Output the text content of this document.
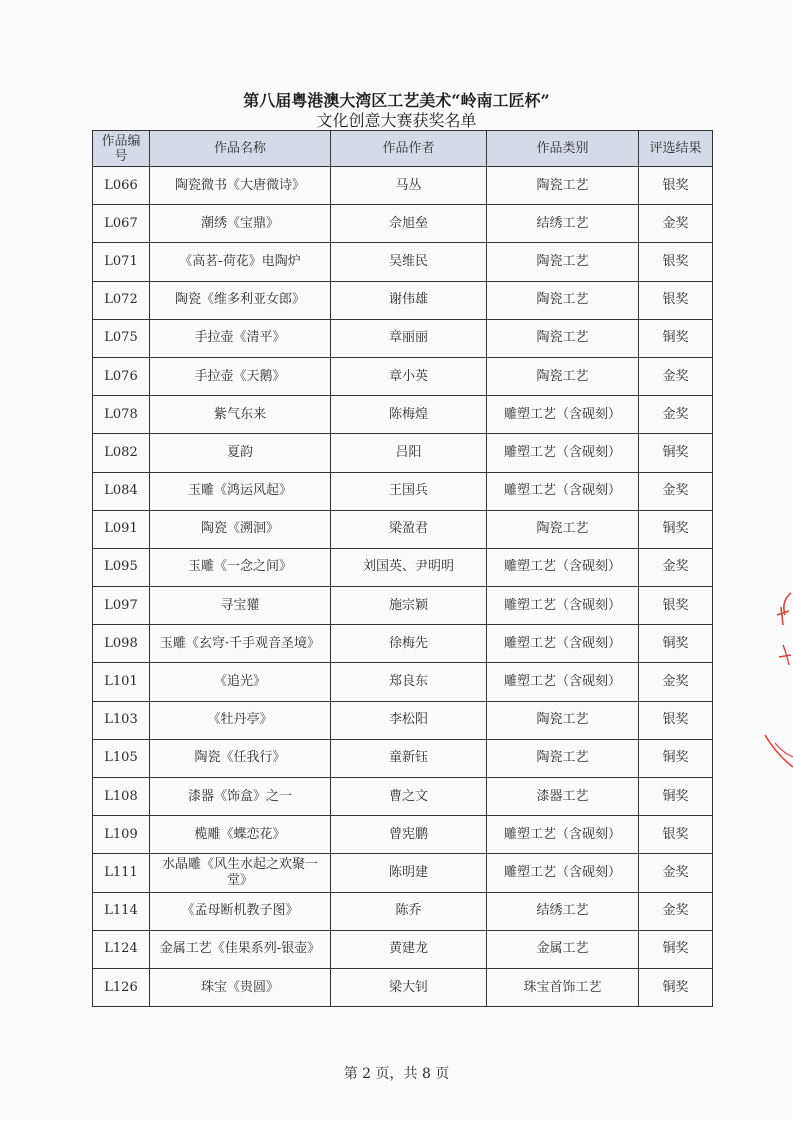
第八届粤港澳大湾区工艺美术“岭南工匠杯”
文化创意大赛获奖名单
作品编号	作品名称	作品作者	作品类别	评选结果
L066	陶瓷微书《大唐微诗》	马丛	陶瓷工艺	银奖
L067	潮绣《宝鼎》	佘旭垒	结绣工艺	金奖
L071	《高茗-荷花》电陶炉	吴维民	陶瓷工艺	银奖
L072	陶瓷《维多利亚女郎》	谢伟雄	陶瓷工艺	银奖
L075	手拉壶《清平》	章丽丽	陶瓷工艺	铜奖
L076	手拉壶《天鹅》	章小英	陶瓷工艺	金奖
L078	紫气东来	陈梅煌	雕塑工艺（含砚刻）	金奖
L082	夏韵	吕阳	雕塑工艺（含砚刻）	铜奖
L084	玉雕《鸿运风起》	王国兵	雕塑工艺（含砚刻）	金奖
L091	陶瓷《溯洄》	梁盈君	陶瓷工艺	铜奖
L095	玉雕《一念之间》	刘国英、尹明明	雕塑工艺（含砚刻）	金奖
L097	寻宝獾	施宗颖	雕塑工艺（含砚刻）	银奖
L098	玉雕《玄穹·千手观音圣境》	徐梅先	雕塑工艺（含砚刻）	铜奖
L101	《追光》	郑良东	雕塑工艺（含砚刻）	金奖
L103	《牡丹亭》	李松阳	陶瓷工艺	银奖
L105	陶瓷《任我行》	童新钰	陶瓷工艺	铜奖
L108	漆器《饰盒》之一	曹之文	漆器工艺	铜奖
L109	榄雕《蝶恋花》	曾宪鹏	雕塑工艺（含砚刻）	银奖
L111	水晶雕《风生水起之欢聚一堂》	陈明建	雕塑工艺（含砚刻）	金奖
L114	《孟母断机教子图》	陈乔	结绣工艺	金奖
L124	金属工艺《佳果系列-银壶》	黄建龙	金属工艺	铜奖
L126	珠宝《贵圆》	梁大钊	珠宝首饰工艺	铜奖
第 2 页，共 8 页
